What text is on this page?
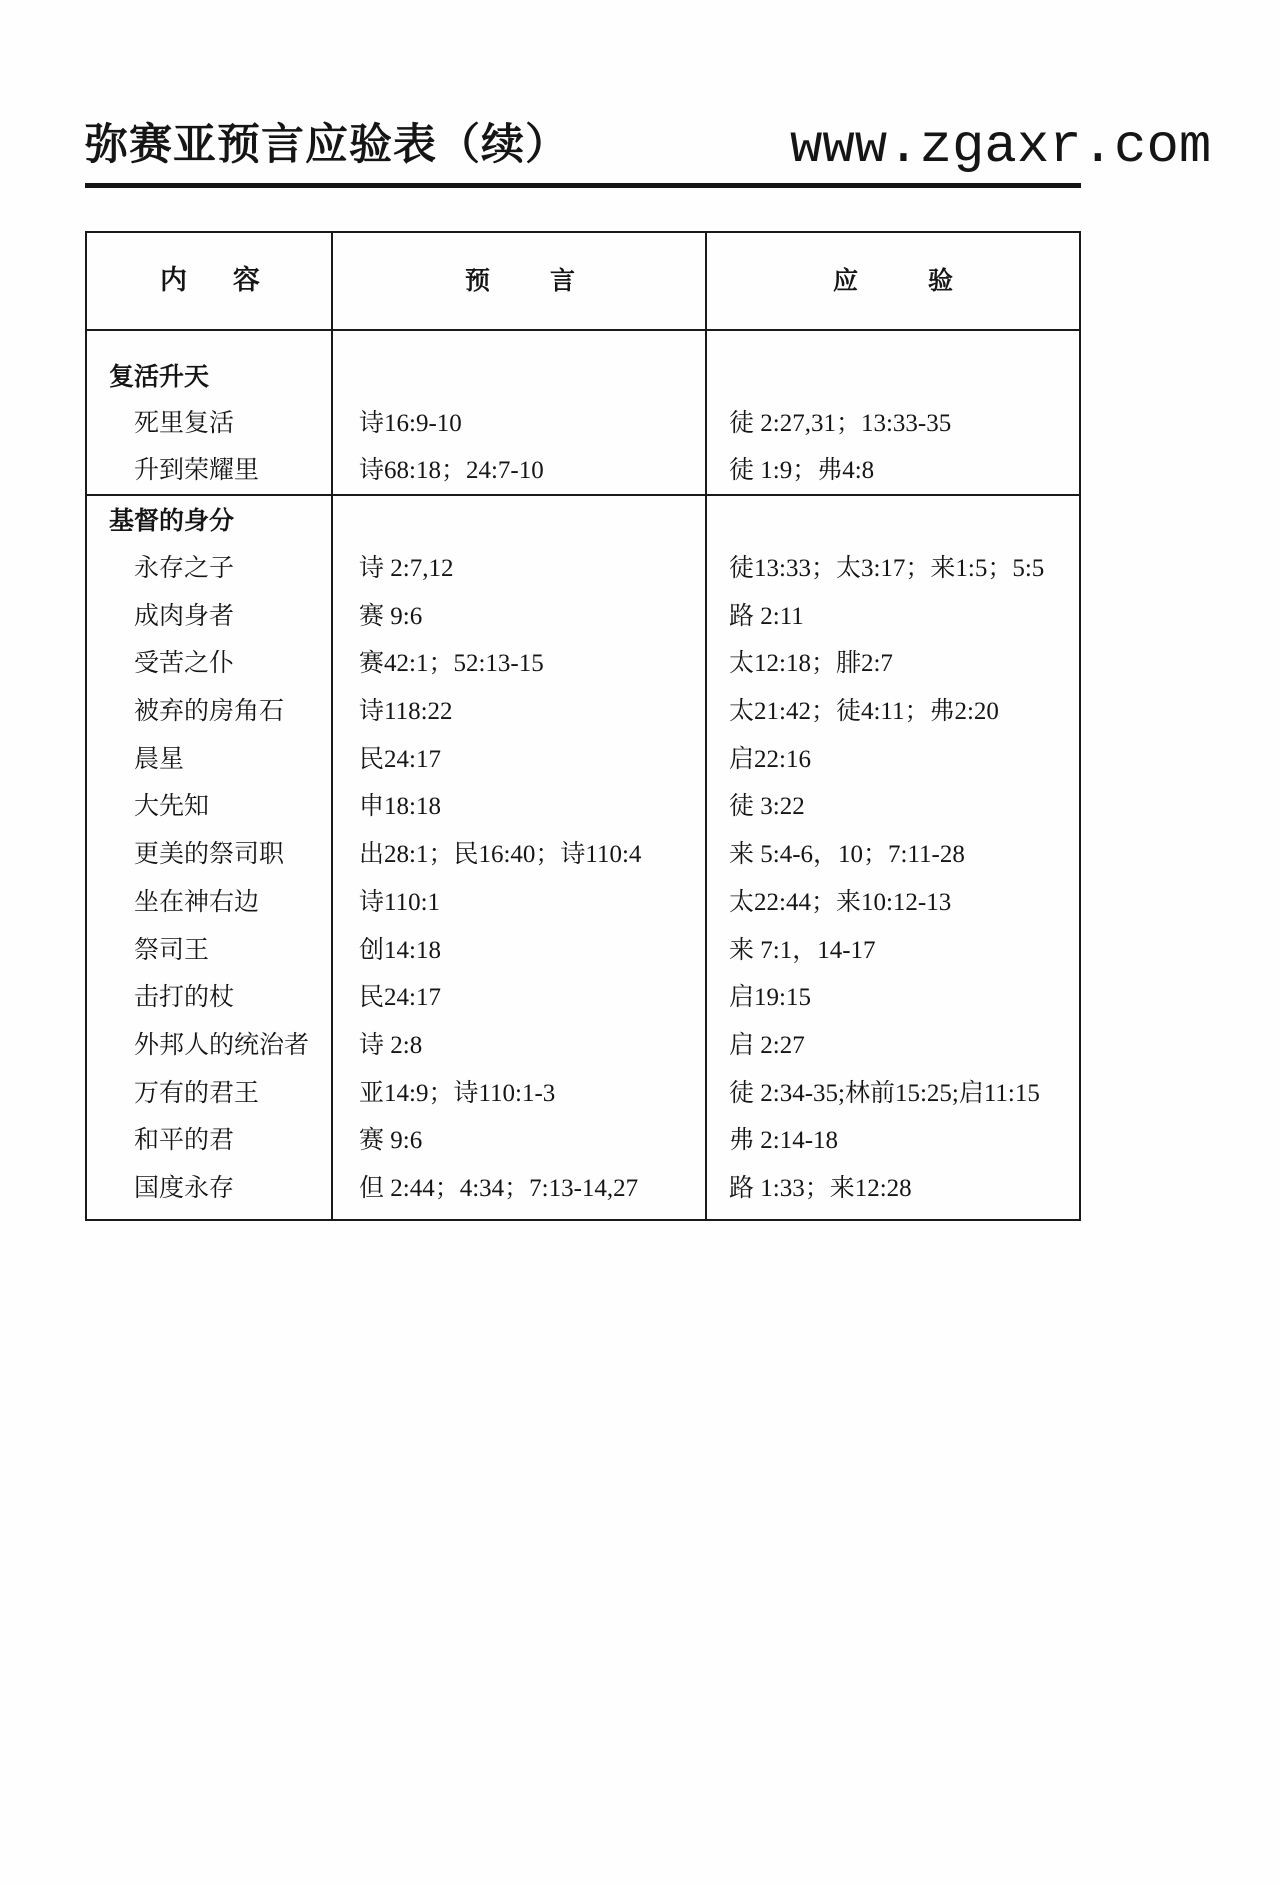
弥赛亚预言应验表（续）	www.zgaxr.com
内容	预言	应验
复活升天
死里复活	诗16:9-10	徒 2:27,31；13:33-35
升到荣耀里	诗68:18；24:7-10	徒 1:9；弗4:8
基督的身分
永存之子	诗 2:7,12	徒13:33；太3:17；来1:5；5:5
成肉身者	赛 9:6	路 2:11
受苦之仆	赛42:1；52:13-15	太12:18；腓2:7
被弃的房角石	诗118:22	太21:42；徒4:11；弗2:20
晨星	民24:17	启22:16
大先知	申18:18	徒 3:22
更美的祭司职	出28:1；民16:40；诗110:4	来 5:4-6，10；7:11-28
坐在神右边	诗110:1	太22:44；来10:12-13
祭司王	创14:18	来 7:1，14-17
击打的杖	民24:17	启19:15
外邦人的统治者	诗 2:8	启 2:27
万有的君王	亚14:9；诗110:1-3	徒 2:34-35;林前15:25;启11:15
和平的君	赛 9:6	弗 2:14-18
国度永存	但 2:44；4:34；7:13-14,27	路 1:33；来12:28
